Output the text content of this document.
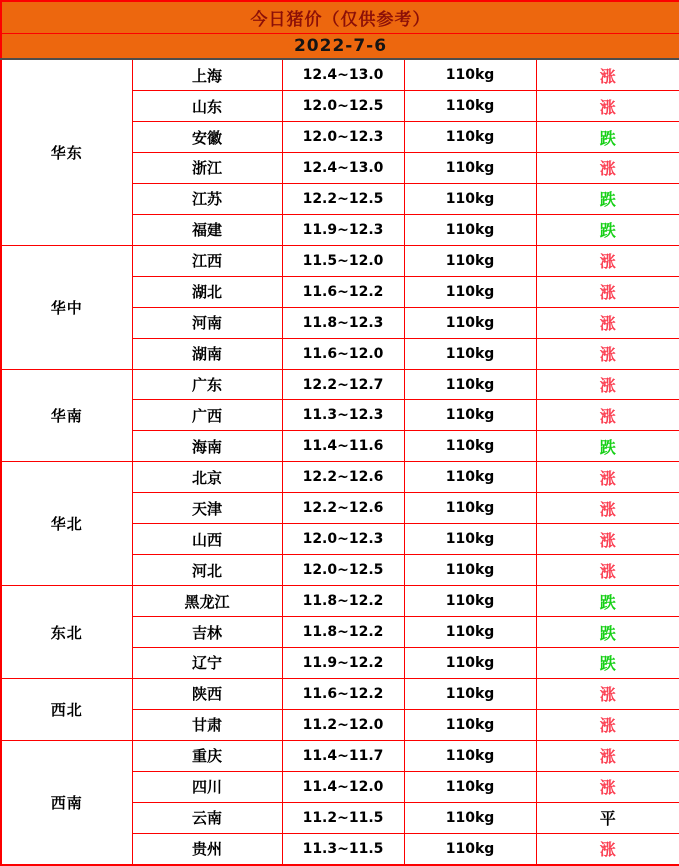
今日猪价（仅供参考）				
2022-7-6				
华东	上海	12.4~13.0	110kg	涨
	山东	12.0~12.5	110kg	涨
	安徽	12.0~12.3	110kg	跌
	浙江	12.4~13.0	110kg	涨
	江苏	12.2~12.5	110kg	跌
	福建	11.9~12.3	110kg	跌
华中	江西	11.5~12.0	110kg	涨
	湖北	11.6~12.2	110kg	涨
	河南	11.8~12.3	110kg	涨
	湖南	11.6~12.0	110kg	涨
华南	广东	12.2~12.7	110kg	涨
	广西	11.3~12.3	110kg	涨
	海南	11.4~11.6	110kg	跌
华北	北京	12.2~12.6	110kg	涨
	天津	12.2~12.6	110kg	涨
	山西	12.0~12.3	110kg	涨
	河北	12.0~12.5	110kg	涨
东北	黑龙江	11.8~12.2	110kg	跌
	吉林	11.8~12.2	110kg	跌
	辽宁	11.9~12.2	110kg	跌
西北	陕西	11.6~12.2	110kg	涨
	甘肃	11.2~12.0	110kg	涨
西南	重庆	11.4~11.7	110kg	涨
	四川	11.4~12.0	110kg	涨
	云南	11.2~11.5	110kg	平
	贵州	11.3~11.5	110kg	涨
